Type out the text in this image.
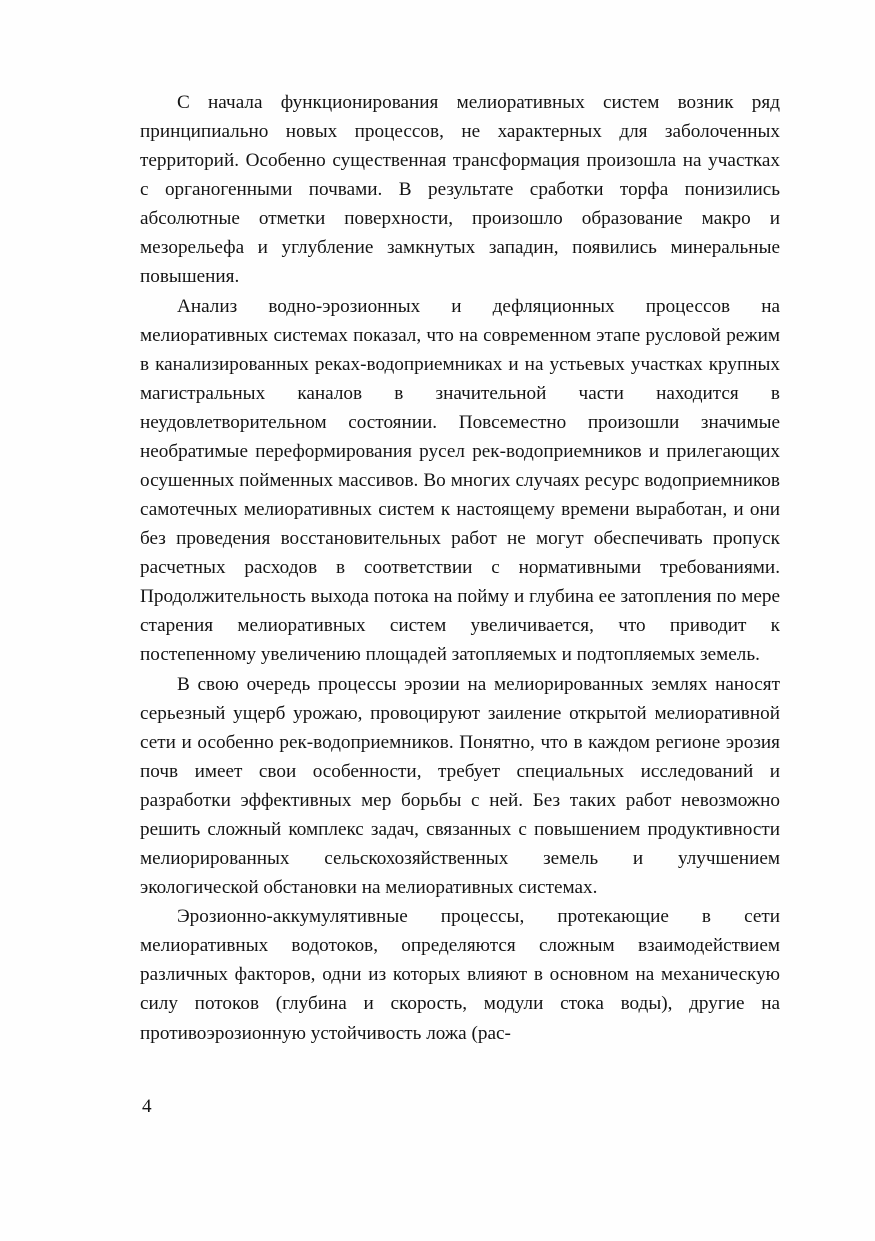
С начала функционирования мелиоративных систем возник ряд принципиально новых процессов, не характерных для заболоченных территорий. Особенно существенная трансформация произошла на участках с органогенными почвами. В результате сработки торфа понизились абсолютные отметки поверхности, произошло образование макро и мезорельефа и углубление замкнутых западин, появились минеральные повышения.

Анализ водно-эрозионных и дефляционных процессов на мелиоративных системах показал, что на современном этапе русловой режим в канализированных реках-водоприемниках и на устьевых участках крупных магистральных каналов в значительной части находится в неудовлетворительном состоянии. Повсеместно произошли значимые необратимые переформирования русел рек-водоприемников и прилегающих осушенных пойменных массивов. Во многих случаях ресурс водоприемников самотечных мелиоративных систем к настоящему времени выработан, и они без проведения восстановительных работ не могут обеспечивать пропуск расчетных расходов в соответствии с нормативными требованиями. Продолжительность выхода потока на пойму и глубина ее затопления по мере старения мелиоративных систем увеличивается, что приводит к постепенному увеличению площадей затопляемых и подтопляемых земель.

В свою очередь процессы эрозии на мелиорированных землях наносят серьезный ущерб урожаю, провоцируют заиление открытой мелиоративной сети и особенно рек-водоприемников. Понятно, что в каждом регионе эрозия почв имеет свои особенности, требует специальных исследований и разработки эффективных мер борьбы с ней. Без таких работ невозможно решить сложный комплекс задач, связанных с повышением продуктивности мелиорированных сельскохозяйственных земель и улучшением экологической обстановки на мелиоративных системах.

Эрозионно-аккумулятивные процессы, протекающие в сети мелиоративных водотоков, определяются сложным взаимодействием различных факторов, одни из которых влияют в основном на механическую силу потоков (глубина и скорость, модули стока воды), другие на противоэрозионную устойчивость ложа (рас-

4
